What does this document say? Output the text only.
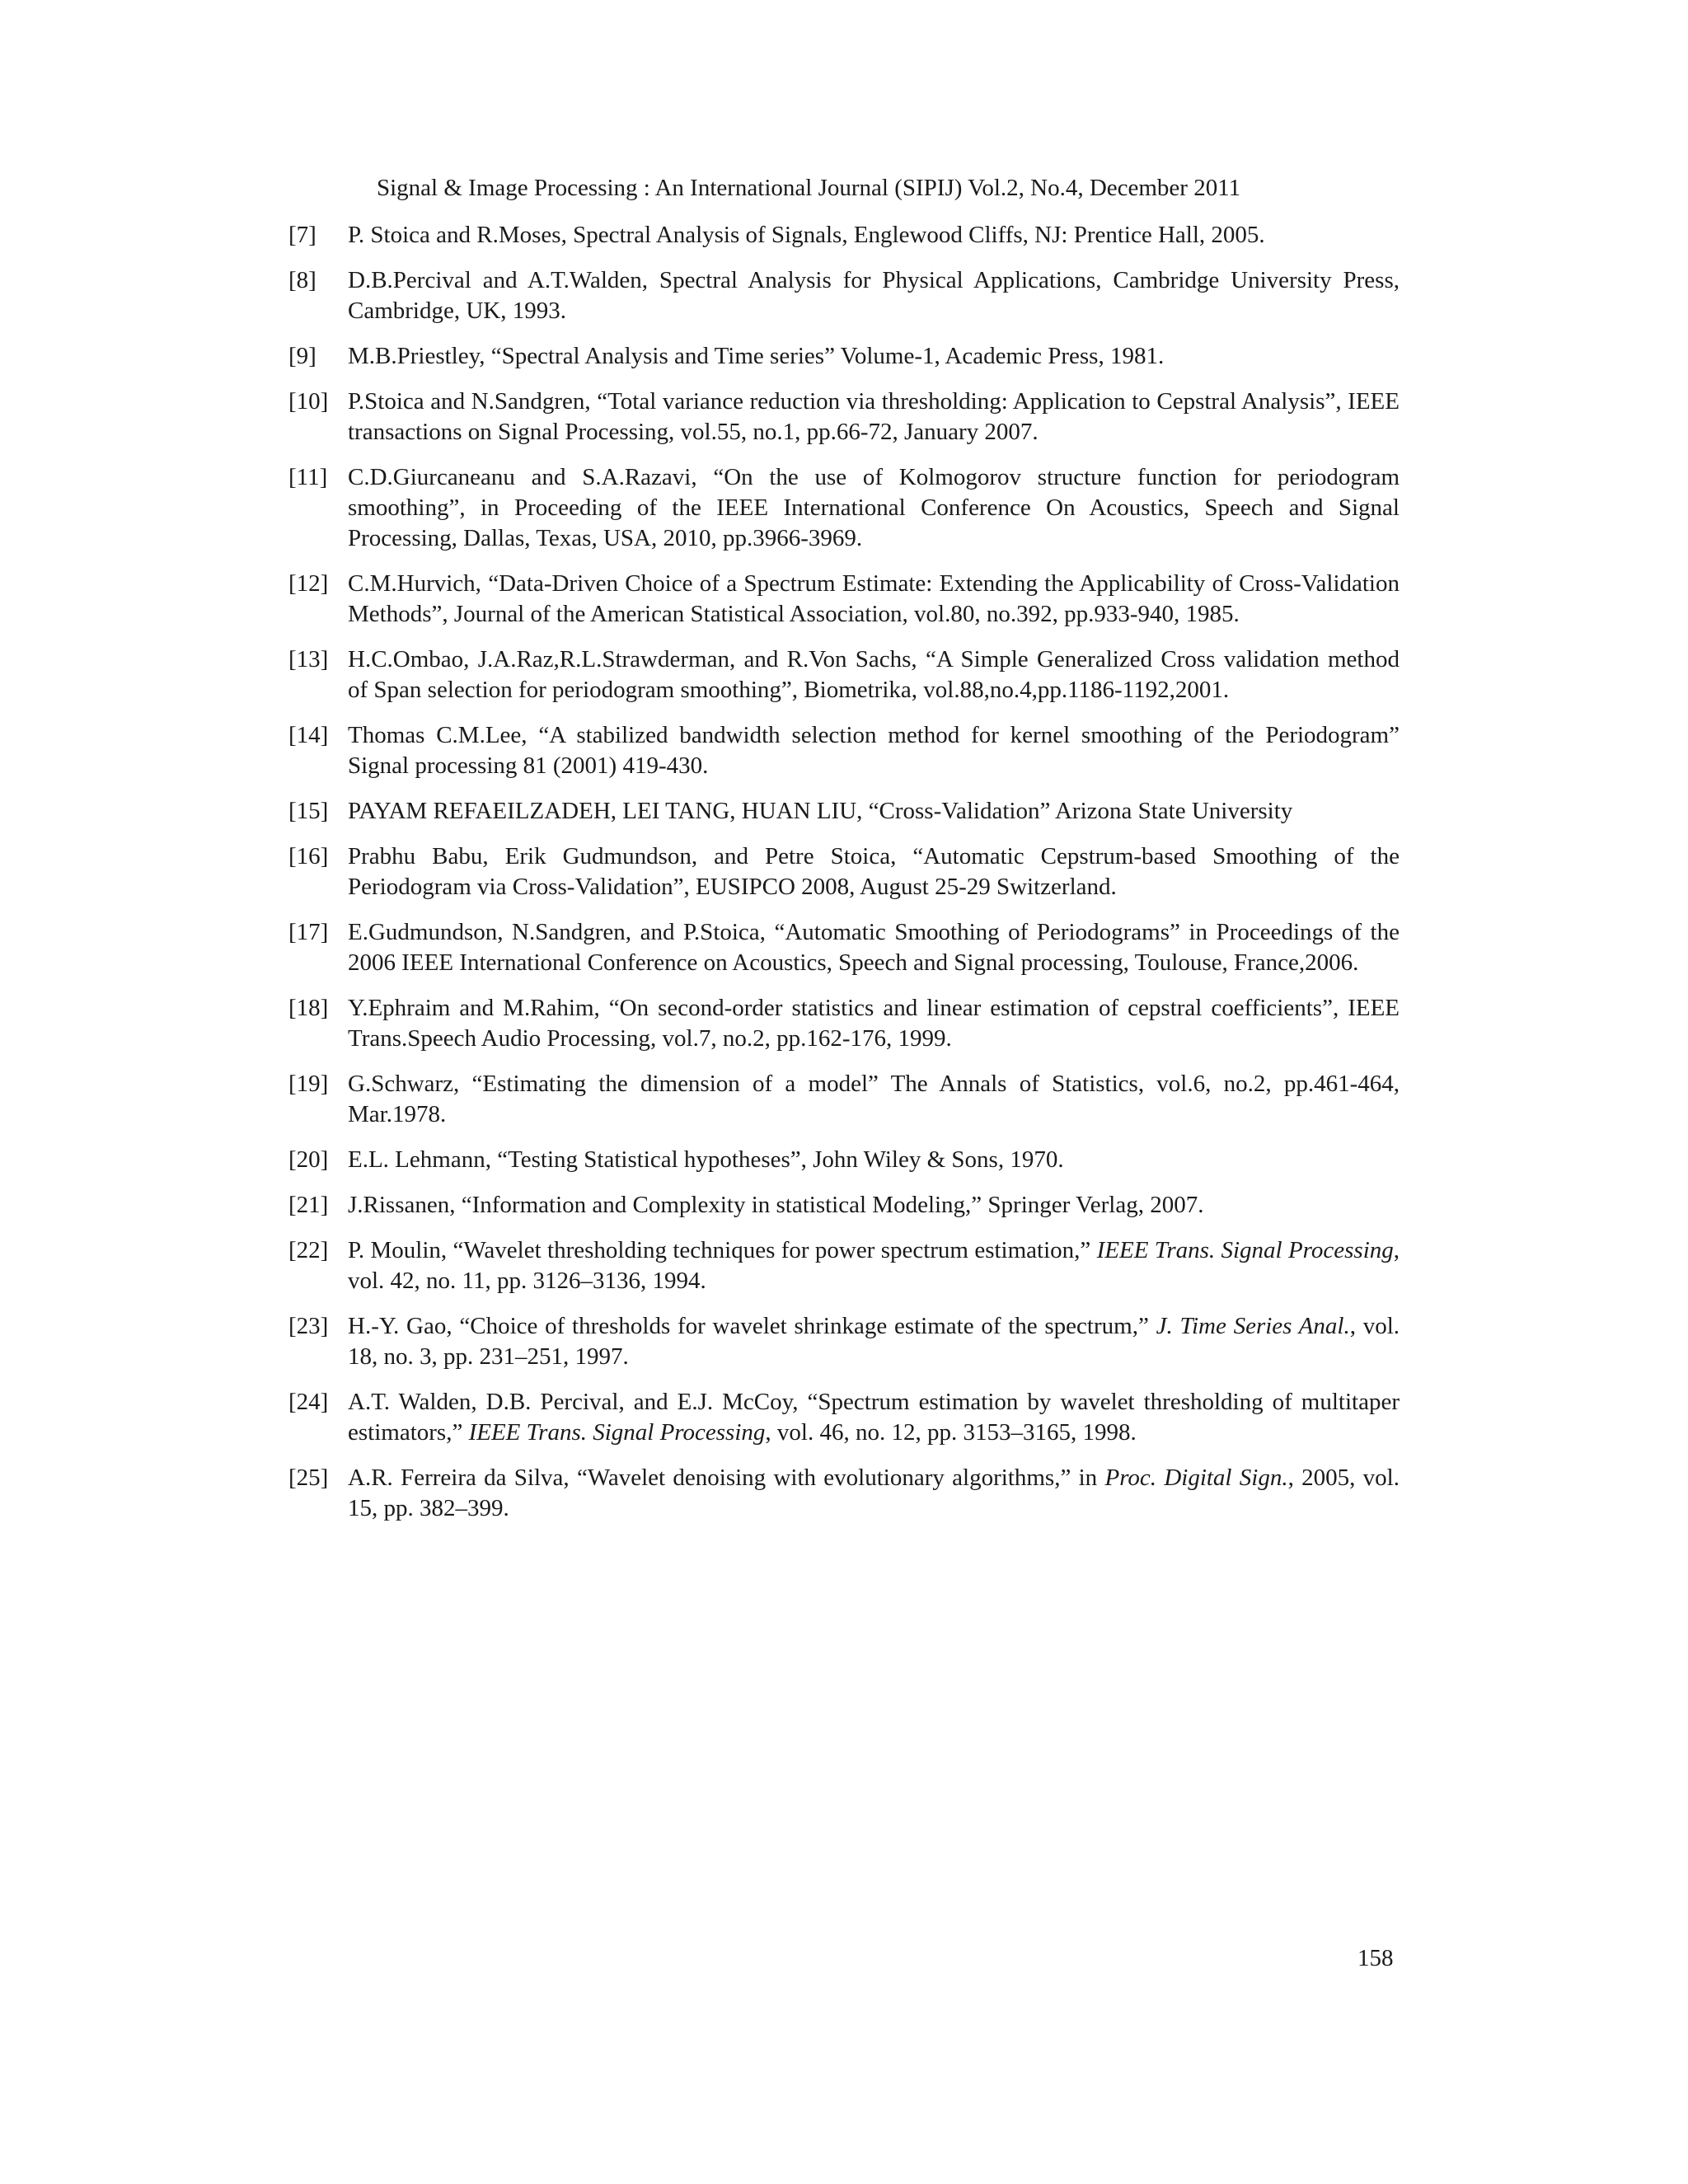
Signal & Image Processing : An International Journal (SIPIJ) Vol.2, No.4, December 2011
[7]	P. Stoica and R.Moses, Spectral Analysis of Signals, Englewood Cliffs, NJ: Prentice Hall, 2005.
[8]	D.B.Percival and A.T.Walden, Spectral Analysis for Physical Applications, Cambridge University Press, Cambridge, UK, 1993.
[9]	M.B.Priestley, “Spectral Analysis and Time series” Volume-1, Academic Press, 1981.
[10] P.Stoica and N.Sandgren, “Total variance reduction via thresholding: Application to Cepstral Analysis”, IEEE transactions on Signal Processing, vol.55, no.1, pp.66-72, January 2007.
[11] C.D.Giurcaneanu and S.A.Razavi, “On the use of Kolmogorov structure function for periodogram smoothing”, in Proceeding of the IEEE International Conference On Acoustics, Speech and Signal Processing, Dallas, Texas, USA, 2010, pp.3966-3969.
[12] C.M.Hurvich, “Data-Driven Choice of a Spectrum Estimate: Extending the Applicability of Cross-Validation Methods”, Journal of the American Statistical Association, vol.80, no.392, pp.933-940, 1985.
[13] H.C.Ombao, J.A.Raz,R.L.Strawderman, and R.Von Sachs, “A Simple Generalized Cross validation method of Span selection for periodogram smoothing”, Biometrika, vol.88,no.4,pp.1186-1192,2001.
[14] Thomas C.M.Lee, “A stabilized bandwidth selection method for kernel smoothing of the Periodogram” Signal processing 81 (2001) 419-430.
[15] PAYAM REFAEILZADEH, LEI TANG, HUAN LIU, “Cross-Validation” Arizona State University
[16] Prabhu Babu, Erik Gudmundson, and Petre Stoica, “Automatic Cepstrum-based Smoothing of the Periodogram via Cross-Validation”, EUSIPCO 2008, August 25-29 Switzerland.
[17] E.Gudmundson, N.Sandgren, and P.Stoica, “Automatic Smoothing of Periodograms” in Proceedings of the 2006 IEEE International Conference on Acoustics, Speech and Signal processing, Toulouse, France,2006.
[18] Y.Ephraim and M.Rahim, “On second-order statistics and linear estimation of cepstral coefficients”, IEEE Trans.Speech Audio Processing, vol.7, no.2, pp.162-176, 1999.
[19] G.Schwarz, “Estimating the dimension of a model” The Annals of Statistics, vol.6, no.2, pp.461-464, Mar.1978.
[20] E.L. Lehmann, “Testing Statistical hypotheses”, John Wiley & Sons, 1970.
[21] J.Rissanen, “Information and Complexity in statistical Modeling,” Springer Verlag, 2007.
[22] P. Moulin, “Wavelet thresholding techniques for power spectrum estimation,” IEEE Trans. Signal Processing, vol. 42, no. 11, pp. 3126–3136, 1994.
[23] H.-Y. Gao, “Choice of thresholds for wavelet shrinkage estimate of the spectrum,” J. Time Series Anal., vol. 18, no. 3, pp. 231–251, 1997.
[24] A.T. Walden, D.B. Percival, and E.J. McCoy, “Spectrum estimation by wavelet thresholding of multitaper estimators,” IEEE Trans. Signal Processing, vol. 46, no. 12, pp. 3153–3165, 1998.
[25] A.R. Ferreira da Silva, “Wavelet denoising with evolutionary algorithms,” in Proc. Digital Sign., 2005, vol. 15, pp. 382–399.
158
